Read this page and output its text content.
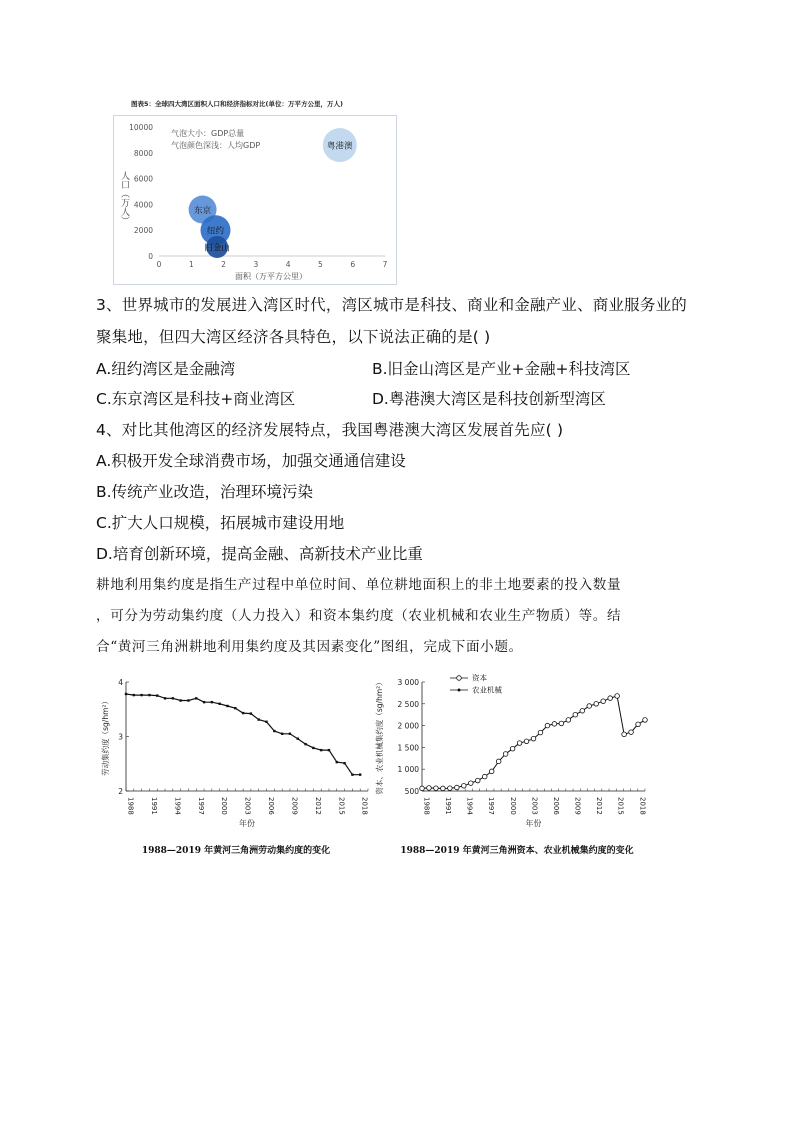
图表5：全球四大湾区面积人口和经济指标对比(单位：万平方公里，万人)
0	1	2	3	4	5	6	7
0
2000
4000
6000
8000
10000
粤港澳
东京
纽约
旧金山
气泡大小：GDP总量
气泡颜色深浅：人均GDP
面积（万平方公里）
人口（万人）
3、世界城市的发展进入湾区时代，湾区城市是科技、商业和金融产业、商业服务业的
聚集地，但四大湾区经济各具特色，以下说法正确的是( )
A.纽约湾区是金融湾	B.旧金山湾区是产业+金融+科技湾区
C.东京湾区是科技+商业湾区	D.粤港澳大湾区是科技创新型湾区
4、对比其他湾区的经济发展特点，我国粤港澳大湾区发展首先应( )
A.积极开发全球消费市场，加强交通通信建设
B.传统产业改造，治理环境污染
C.扩大人口规模，拓展城市建设用地
D.培育创新环境，提高金融、高新技术产业比重
耕地利用集约度是指生产过程中单位时间、单位耕地面积上的非土地要素的投入数量
，可分为劳动集约度（人力投入）和资本集约度（农业机械和农业生产物质）等。结
合“黄河三角洲耕地利用集约度及其因素变化”图组，完成下面小题。
2
3
4
1988 1991 1994 1997 2000 2003 2006 2009 2012 2015 2018
年份
劳动集约度（sg/hm²）
1988—2019 年黄河三角洲劳动集约度的变化
500
1 000
1 500
2 000
2 500
3 000
1988 1991 1994 1997 2000 2003 2006 2009 2012 2015 2018
年份
资本、农业机械集约度（sg/hm²）
资本
农业机械
1988—2019 年黄河三角洲资本、农业机械集约度的变化
